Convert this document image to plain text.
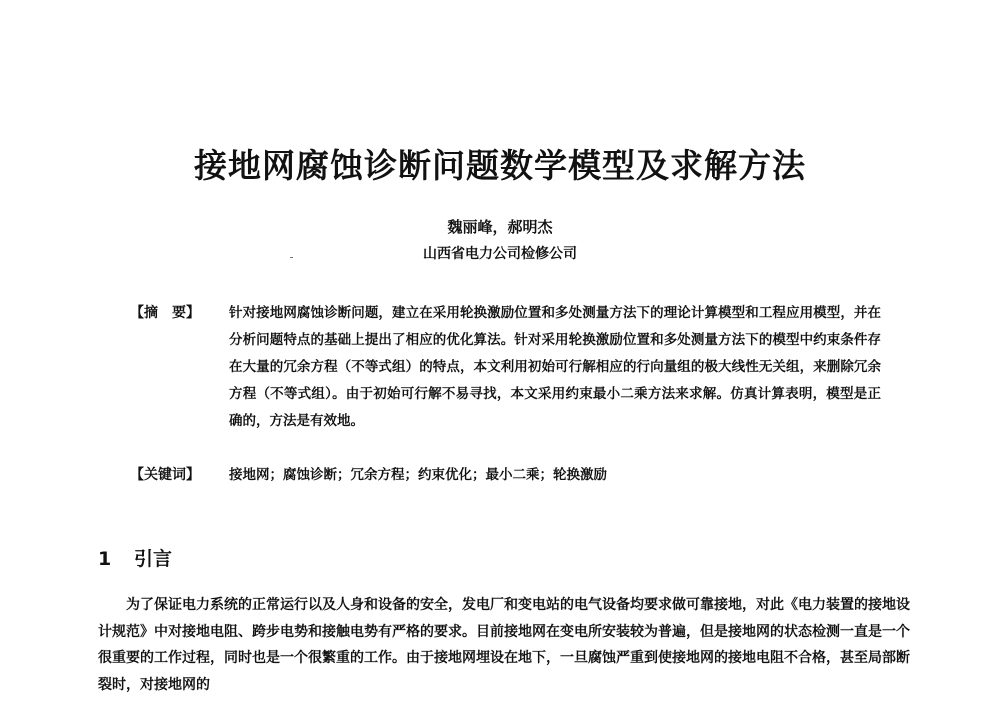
接地网腐蚀诊断问题数学模型及求解方法
魏丽峰，郝明杰
山西省电力公司检修公司
【摘　要】	针对接地网腐蚀诊断问题，建立在采用轮换激励位置和多处测量方法下的理论计算模型和工程应用模型，并在分析问题特点的基础上提出了相应的优化算法。针对采用轮换激励位置和多处测量方法下的模型中约束条件存在大量的冗余方程（不等式组）的特点，本文利用初始可行解相应的行向量组的极大线性无关组，来删除冗余方程（不等式组）。由于初始可行解不易寻找，本文采用约束最小二乘方法来求解。仿真计算表明，模型是正确的，方法是有效地。
【关键词】	接地网；腐蚀诊断；冗余方程；约束优化；最小二乘；轮换激励
1 引言
为了保证电力系统的正常运行以及人身和设备的安全，发电厂和变电站的电气设备均要求做可靠接地，对此《电力装置的接地设计规范》中对接地电阻、跨步电势和接触电势有严格的要求。目前接地网在变电所安装较为普遍，但是接地网的状态检测一直是一个很重要的工作过程，同时也是一个很繁重的工作。由于接地网埋设在地下，一旦腐蚀严重到使接地网的接地电阻不合格，甚至局部断裂时，对接地网的
